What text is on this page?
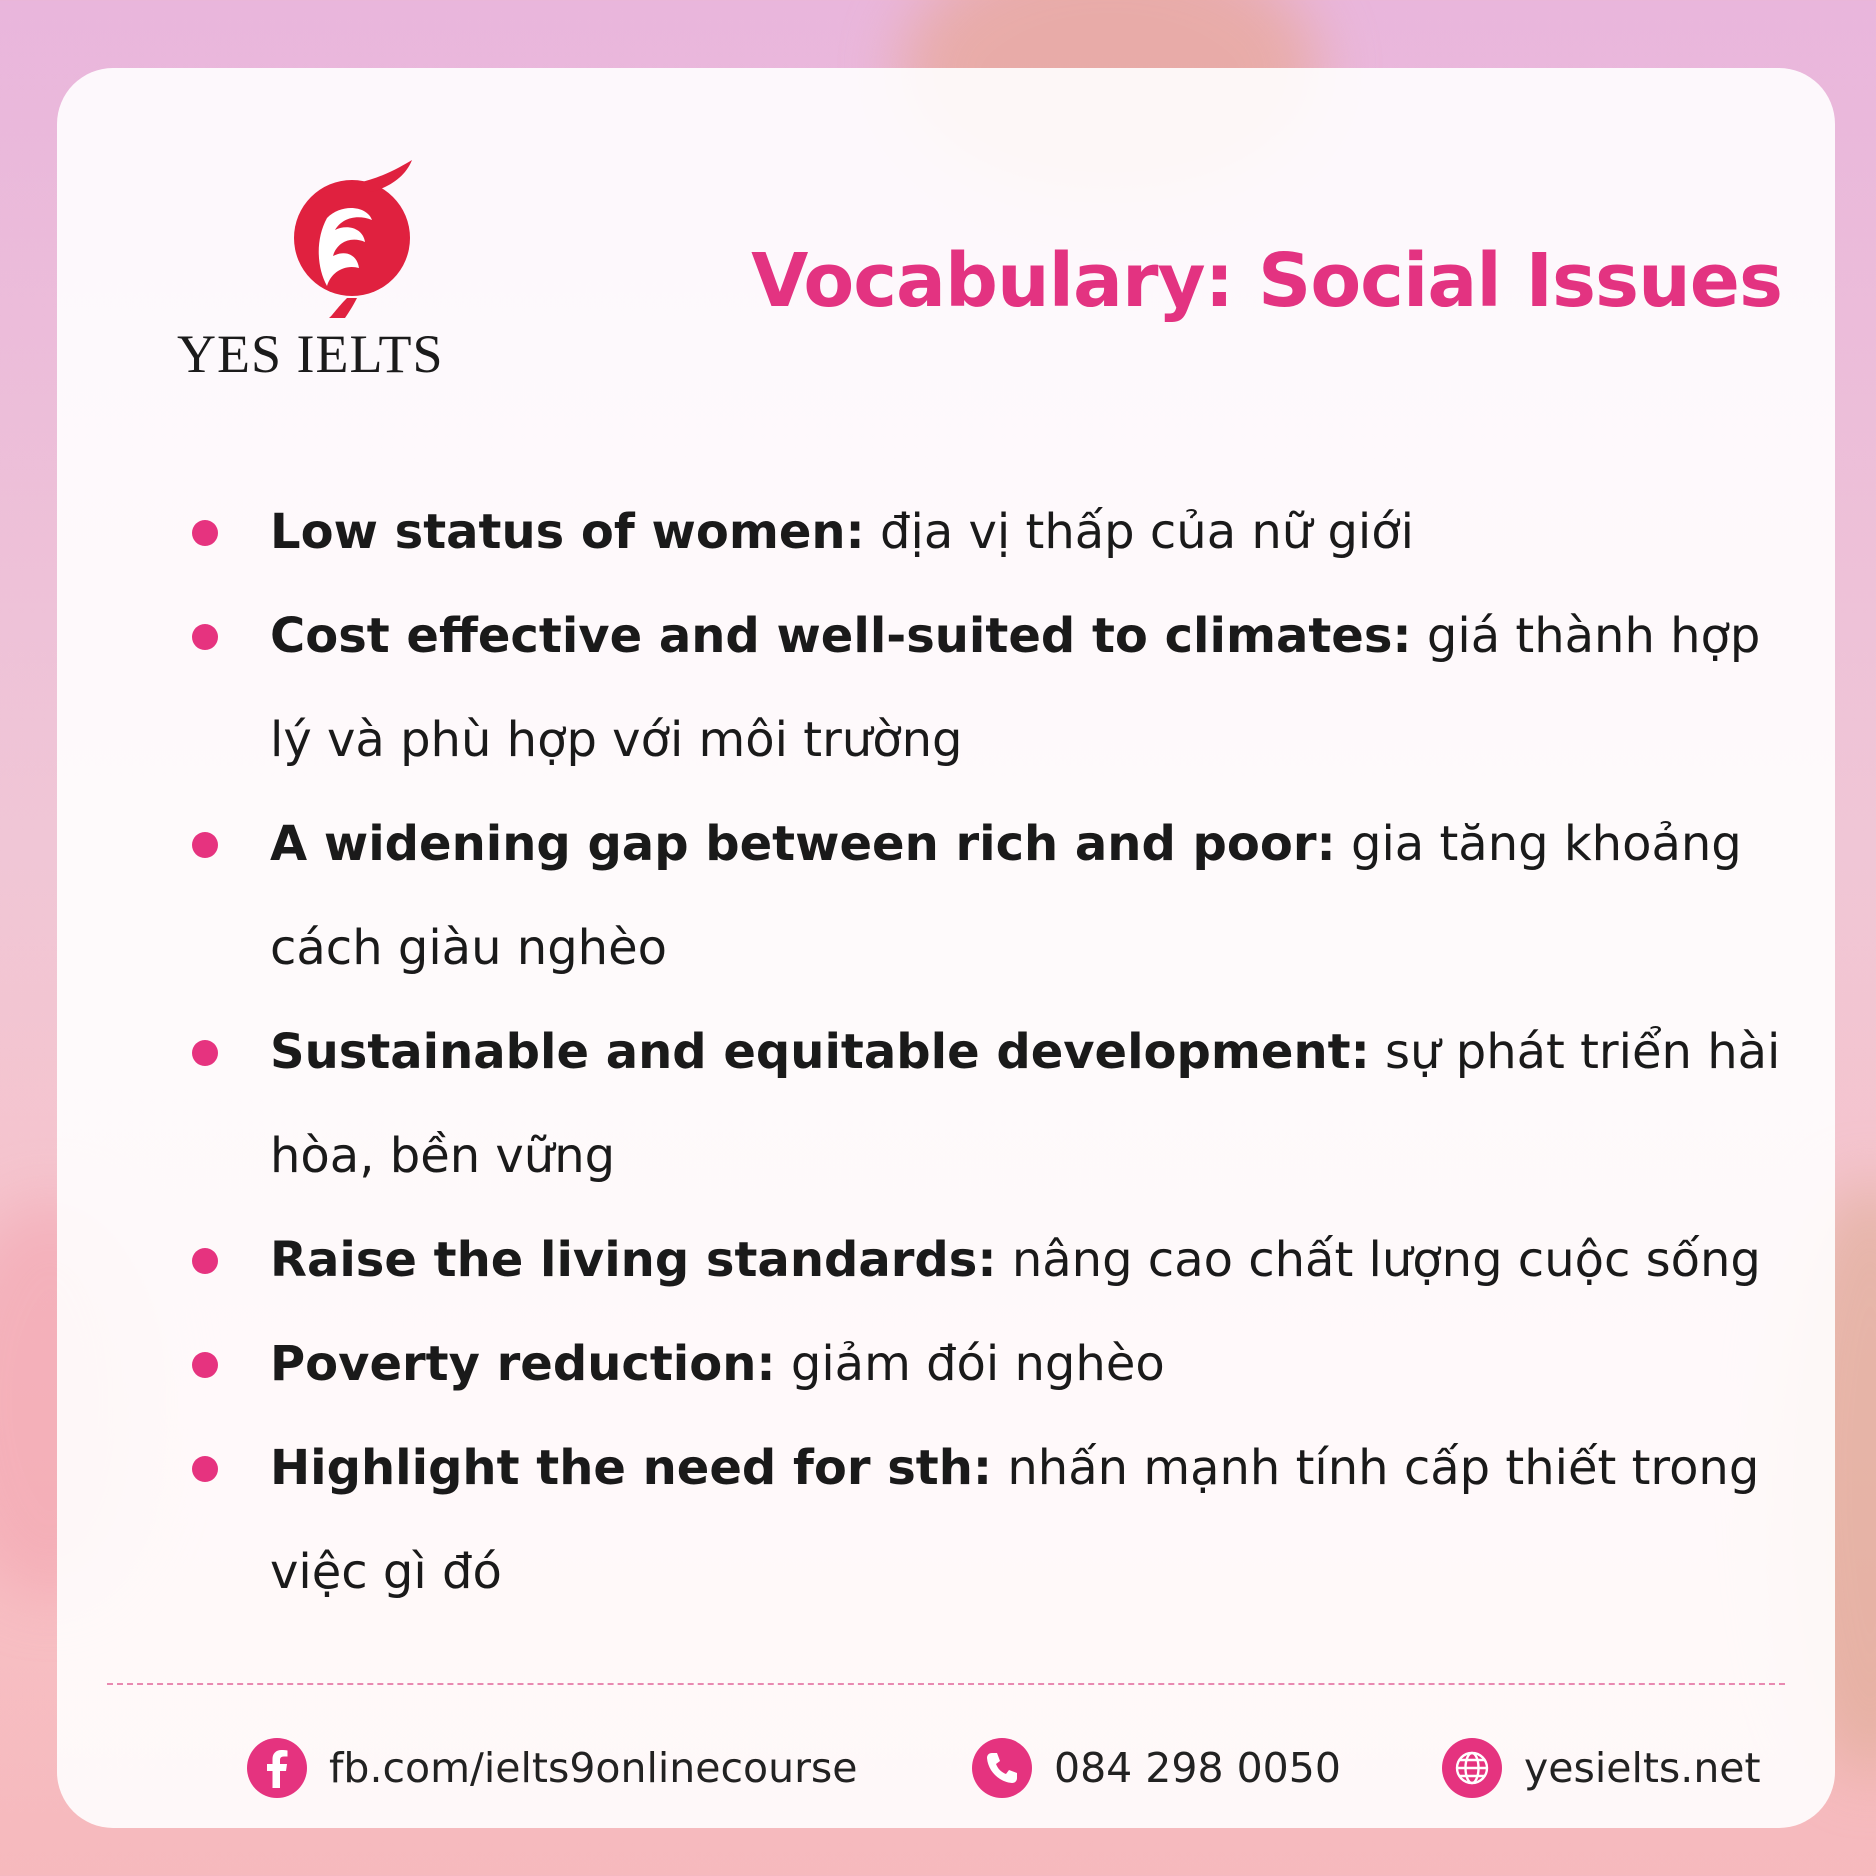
YES IELTS
Vocabulary: Social Issues
Low status of women: địa vị thấp của nữ giới
Cost effective and well-suited to climates: giá thành hợp lý và phù hợp với môi trường
A widening gap between rich and poor: gia tăng khoảng cách giàu nghèo
Sustainable and equitable development: sự phát triển hài hòa, bền vững
Raise the living standards: nâng cao chất lượng cuộc sống
Poverty reduction: giảm đói nghèo
Highlight the need for sth: nhấn mạnh tính cấp thiết trong việc gì đó
fb.com/ielts9onlinecourse	084 298 0050	yesielts.net
